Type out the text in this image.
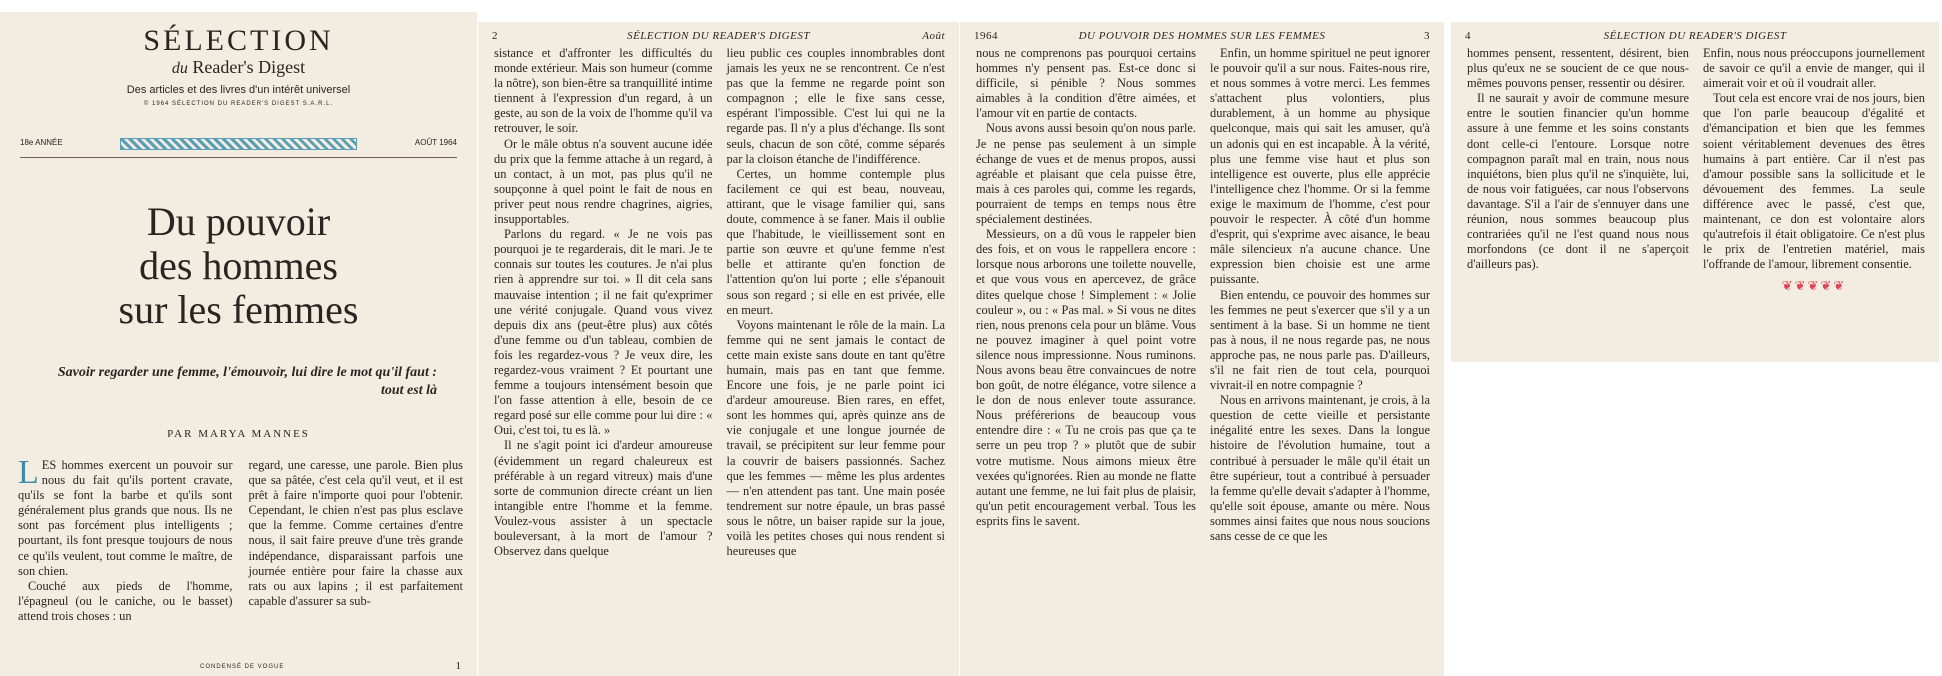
SÉLECTION
du Reader's Digest
Des articles et des livres d'un intérêt universel
© 1964 SÉLECTION DU READER'S DIGEST S.A.R.L.
18e ANNÉE	AOÛT 1964
Du pouvoir
des hommes
sur les femmes
Savoir regarder une femme, l'émouvoir, lui dire le mot qu'il faut : tout est là
PAR MARYA MANNES

LES hommes exercent un pouvoir sur nous du fait qu'ils portent cravate, qu'ils se font la barbe et qu'ils sont généralement plus grands que nous. Ils ne sont pas forcément plus intelligents ; pourtant, ils font presque toujours de nous ce qu'ils veulent, tout comme le maître, de son chien.

Couché aux pieds de l'homme, l'épagneul (ou le caniche, ou le basset) attend trois choses : un

regard, une caresse, une parole. Bien plus que sa pâtée, c'est cela qu'il veut, et il est prêt à faire n'importe quoi pour l'obtenir. Cependant, le chien n'est pas plus esclave que la femme. Comme certaines d'entre nous, il sait faire preuve d'une très grande indépendance, disparaissant parfois une journée entière pour faire la chasse aux rats ou aux lapins ; il est parfaitement capable d'assurer sa sub-

CONDENSÉ DE VOGUE	1
2	SÉLECTION DU READER'S DIGEST	Août

sistance et d'affronter les difficultés du monde extérieur. Mais son humeur (comme la nôtre), son bien-être sa tranquillité intime tiennent à l'expression d'un regard, à un geste, au son de la voix de l'homme qu'il va retrouver, le soir.

Or le mâle obtus n'a souvent aucune idée du prix que la femme attache à un regard, à un contact, à un mot, pas plus qu'il ne soupçonne à quel point le fait de nous en priver peut nous rendre chagrines, aigries, insupportables.

Parlons du regard. « Je ne vois pas pourquoi je te regarderais, dit le mari. Je te connais sur toutes les coutures. Je n'ai plus rien à apprendre sur toi. » Il dit cela sans mauvaise intention ; il ne fait qu'exprimer une vérité conjugale. Quand vous vivez depuis dix ans (peut-être plus) aux côtés d'une femme ou d'un tableau, combien de fois les regardez-vous ? Je veux dire, les regardez-vous vraiment ? Et pourtant une femme a toujours intensément besoin que l'on fasse attention à elle, besoin de ce regard posé sur elle comme pour lui dire : « Oui, c'est toi, tu es là. »

Il ne s'agit point ici d'ardeur amoureuse (évidemment un regard chaleureux est préférable à un regard vitreux) mais d'une sorte de communion directe créant un lien intangible entre l'homme et la femme. Voulez-vous assister à un spectacle bouleversant, à la mort de l'amour ? Observez dans quelque

lieu public ces couples innombrables dont jamais les yeux ne se rencontrent. Ce n'est pas que la femme ne regarde point son compagnon ; elle le fixe sans cesse, espérant l'impossible. C'est lui qui ne la regarde pas. Il n'y a plus d'échange. Ils sont seuls, chacun de son côté, comme séparés par la cloison étanche de l'indifférence.

Certes, un homme contemple plus facilement ce qui est beau, nouveau, attirant, que le visage familier qui, sans doute, commence à se faner. Mais il oublie que l'habitude, le vieillissement sont en partie son œuvre et qu'une femme n'est belle et attirante qu'en fonction de l'attention qu'on lui porte ; elle s'épanouit sous son regard ; si elle en est privée, elle en meurt.

Voyons maintenant le rôle de la main. La femme qui ne sent jamais le contact de cette main existe sans doute en tant qu'être humain, mais pas en tant que femme. Encore une fois, je ne parle point ici d'ardeur amoureuse. Bien rares, en effet, sont les hommes qui, après quinze ans de vie conjugale et une longue journée de travail, se précipitent sur leur femme pour la couvrir de baisers passionnés. Sachez que les femmes — même les plus ardentes — n'en attendent pas tant. Une main posée tendrement sur notre épaule, un bras passé sous le nôtre, un baiser rapide sur la joue, voilà les petites choses qui nous rendent si heureuses que

1964	DU POUVOIR DES HOMMES SUR LES FEMMES	3

nous ne comprenons pas pourquoi certains hommes n'y pensent pas. Est-ce donc si difficile, si pénible ? Nous sommes aimables à la condition d'être aimées, et l'amour vit en partie de contacts.

Nous avons aussi besoin qu'on nous parle. Je ne pense pas seulement à un simple échange de vues et de menus propos, aussi agréable et plaisant que cela puisse être, mais à ces paroles qui, comme les regards, pourraient de temps en temps nous être spécialement destinées.

Messieurs, on a dû vous le rappeler bien des fois, et on vous le rappellera encore : lorsque nous arborons une toilette nouvelle, et que vous vous en apercevez, de grâce dites quelque chose ! Simplement : « Jolie couleur », ou : « Pas mal. » Si vous ne dites rien, nous prenons cela pour un blâme. Vous ne pouvez imaginer à quel point votre silence nous impressionne. Nous ruminons. Nous avons beau être convaincues de notre bon goût, de notre élégance, votre silence a le don de nous enlever toute assurance. Nous préférerions de beaucoup vous entendre dire : « Tu ne crois pas que ça te serre un peu trop ? » plutôt que de subir votre mutisme. Nous aimons mieux être vexées qu'ignorées. Rien au monde ne flatte autant une femme, ne lui fait plus de plaisir, qu'un petit encouragement verbal. Tous les esprits fins le savent.

Enfin, un homme spirituel ne peut ignorer le pouvoir qu'il a sur nous. Faites-nous rire, et nous sommes à votre merci. Les femmes s'attachent plus volontiers, plus durablement, à un homme au physique quelconque, mais qui sait les amuser, qu'à un adonis qui en est incapable. À la vérité, plus une femme vise haut et plus son intelligence est ouverte, plus elle apprécie l'intelligence chez l'homme. Or si la femme exige le maximum de l'homme, c'est pour pouvoir le respecter. À côté d'un homme d'esprit, qui s'exprime avec aisance, le beau mâle silencieux n'a aucune chance. Une expression bien choisie est une arme puissante.

Bien entendu, ce pouvoir des hommes sur les femmes ne peut s'exercer que s'il y a un sentiment à la base. Si un homme ne tient pas à nous, il ne nous regarde pas, ne nous approche pas, ne nous parle pas. D'ailleurs, s'il ne fait rien de tout cela, pourquoi vivrait-il en notre compagnie ?

Nous en arrivons maintenant, je crois, à la question de cette vieille et persistante inégalité entre les sexes. Dans la longue histoire de l'évolution humaine, tout a contribué à persuader le mâle qu'il était un être supérieur, tout a contribué à persuader la femme qu'elle devait s'adapter à l'homme, qu'elle soit épouse, amante ou mère. Nous sommes ainsi faites que nous nous soucions sans cesse de ce que les

4	SÉLECTION DU READER'S DIGEST

hommes pensent, ressentent, désirent, bien plus qu'eux ne se soucient de ce que nous-mêmes pouvons penser, ressentir ou désirer.

Il ne saurait y avoir de commune mesure entre le soutien financier qu'un homme assure à une femme et les soins constants dont celle-ci l'entoure. Lorsque notre compagnon paraît mal en train, nous nous inquiétons, bien plus qu'il ne s'inquiète, lui, de nous voir fatiguées, car nous l'observons davantage. S'il a l'air de s'ennuyer dans une réunion, nous sommes beaucoup plus contrariées qu'il ne l'est quand nous nous morfondons (ce dont il ne s'aperçoit d'ailleurs pas).

Enfin, nous nous préoccupons journellement de savoir ce qu'il a envie de manger, qui il aimerait voir et où il voudrait aller.

Tout cela est encore vrai de nos jours, bien que l'on parle beaucoup d'égalité et d'émancipation et bien que les femmes soient véritablement devenues des êtres humains à part entière. Car il n'est pas d'amour possible sans la sollicitude et le dévouement des femmes. La seule différence avec le passé, c'est que, maintenant, ce don est volontaire alors qu'autrefois il était obligatoire. Ce n'est plus le prix de l'entretien matériel, mais l'offrande de l'amour, librement consentie.

❦❦❦❦❦
